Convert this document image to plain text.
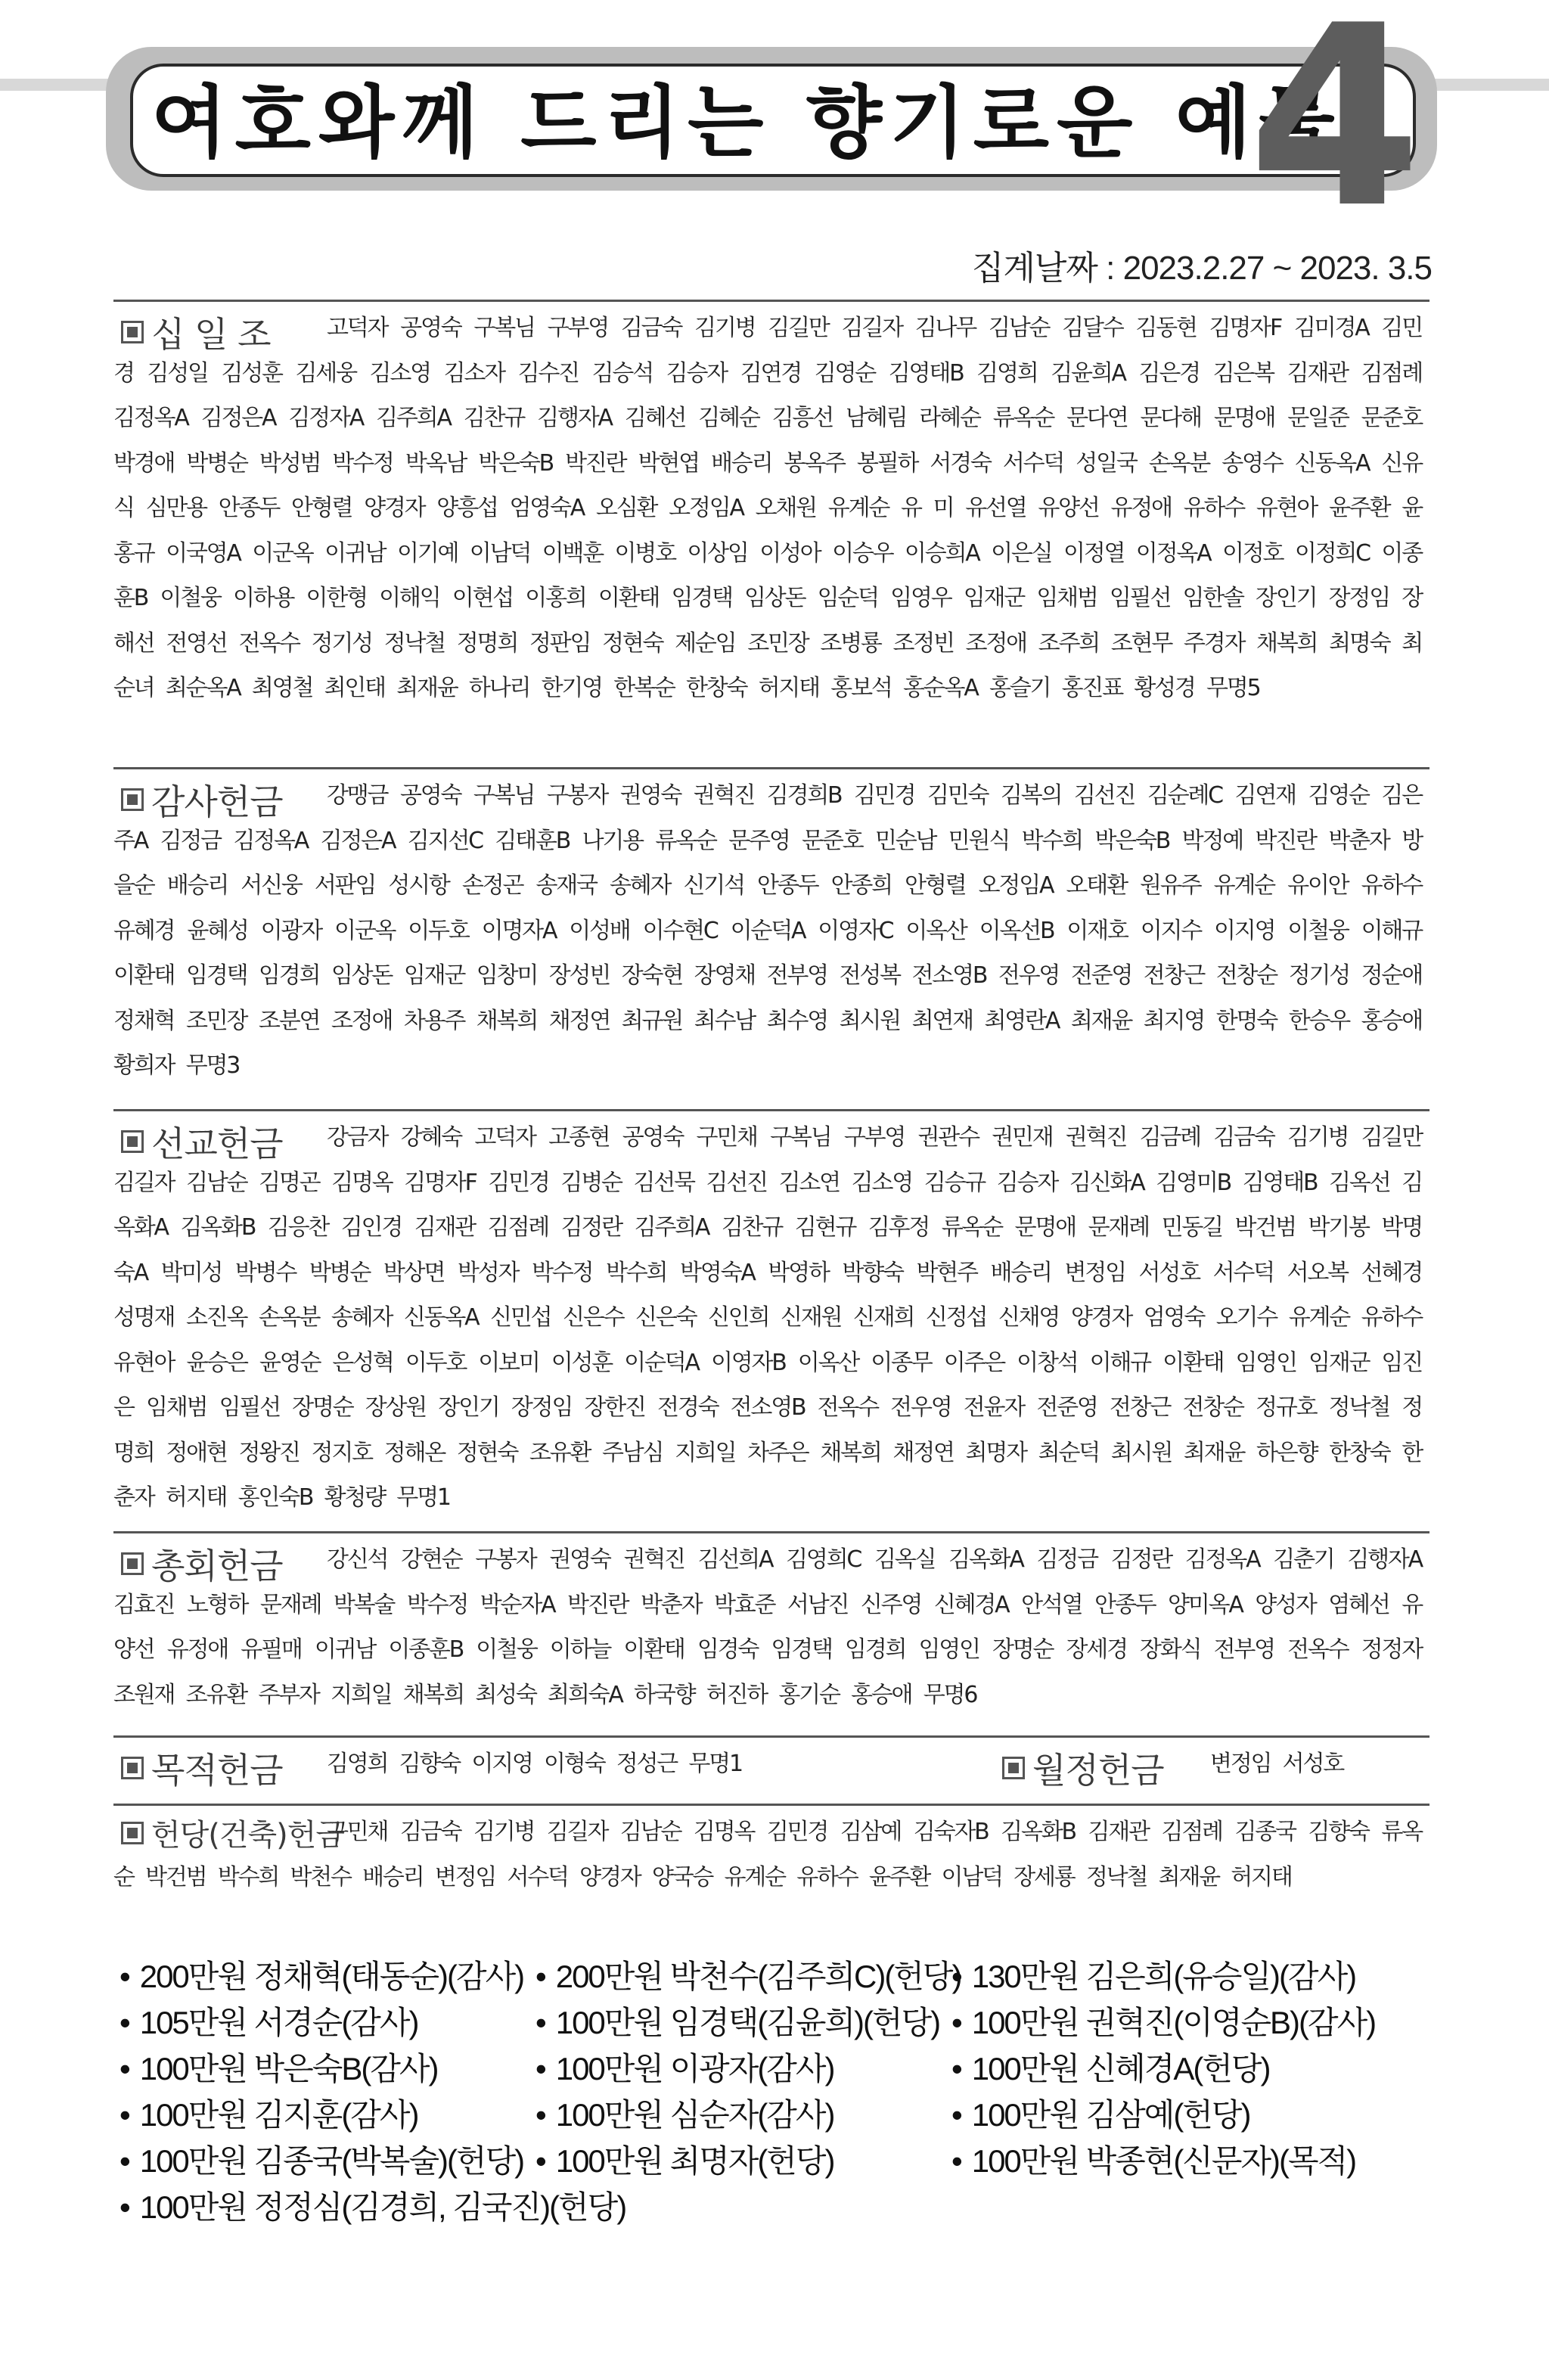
여호와께 드리는 향기로운 예물
4
집계날짜 : 2023.2.27 ~ 2023. 3.5
십 일 조	고덕자 공영숙 구복님 구부영 김금숙 김기병 김길만 김길자 김나무 김남순 김달수 김동현 김명자F 김미경A 김민경 김성일 김성훈 김세웅 김소영 김소자 김수진 김승석 김승자 김연경 김영순 김영태B 김영희 김윤희A 김은경 김은복 김재관 김점례 김정옥A 김정은A 김정자A 김주희A 김찬규 김행자A 김혜선 김혜순 김흥선 남혜림 라혜순 류옥순 문다연 문다해 문명애 문일준 문준호 박경애 박병순 박성범 박수정 박옥남 박은숙B 박진란 박현엽 배승리 봉옥주 봉필하 서경숙 서수덕 성일국 손옥분 송영수 신동옥A 신유식 심만용 안종두 안형렬 양경자 양흥섭 엄영숙A 오심환 오정임A 오채원 유계순 유 미 유선열 유양선 유정애 유하수 유현아 윤주환 윤홍규 이국영A 이군옥 이귀남 이기예 이남덕 이백훈 이병호 이상임 이성아 이승우 이승희A 이은실 이정열 이정옥A 이정호 이정희C 이종훈B 이철웅 이하용 이한형 이해익 이현섭 이홍희 이환태 임경택 임상돈 임순덕 임영우 임재군 임채범 임필선 임한솔 장인기 장정임 장해선 전영선 전옥수 정기성 정낙철 정명희 정판임 정현숙 제순임 조민장 조병룡 조정빈 조정애 조주희 조현무 주경자 채복희 최명숙 최순녀 최순옥A 최영철 최인태 최재윤 하나리 한기영 한복순 한창숙 허지태 홍보석 홍순옥A 홍슬기 홍진표 황성경 무명5

감사헌금	강맹금 공영숙 구복님 구봉자 권영숙 권혁진 김경희B 김민경 김민숙 김복의 김선진 김순례C 김연재 김영순 김은주A 김정금 김정옥A 김정은A 김지선C 김태훈B 나기용 류옥순 문주영 문준호 민순남 민원식 박수희 박은숙B 박정예 박진란 박춘자 방을순 배승리 서신웅 서판임 성시항 손정곤 송재국 송혜자 신기석 안종두 안종희 안형렬 오정임A 오태환 원유주 유계순 유이안 유하수 유혜경 윤혜성 이광자 이군옥 이두호 이명자A 이성배 이수현C 이순덕A 이영자C 이옥산 이옥선B 이재호 이지수 이지영 이철웅 이해규 이환태 임경택 임경희 임상돈 임재군 임창미 장성빈 장숙현 장영채 전부영 전성복 전소영B 전우영 전준영 전창근 전창순 정기성 정순애 정채혁 조민장 조분연 조정애 차용주 채복희 채정연 최규원 최수남 최수영 최시원 최연재 최영란A 최재윤 최지영 한명숙 한승우 홍승애 황희자 무명3

선교헌금	강금자 강혜숙 고덕자 고종현 공영숙 구민채 구복님 구부영 권관수 권민재 권혁진 김금례 김금숙 김기병 김길만 김길자 김남순 김명곤 김명옥 김명자F 김민경 김병순 김선묵 김선진 김소연 김소영 김승규 김승자 김신화A 김영미B 김영태B 김옥선 김옥화A 김옥화B 김응찬 김인경 김재관 김점례 김정란 김주희A 김찬규 김현규 김후정 류옥순 문명애 문재례 민동길 박건범 박기봉 박명숙A 박미성 박병수 박병순 박상면 박성자 박수정 박수희 박영숙A 박영하 박향숙 박현주 배승리 변정임 서성호 서수덕 서오복 선혜경 성명재 소진옥 손옥분 송혜자 신동옥A 신민섭 신은수 신은숙 신인희 신재원 신재희 신정섭 신채영 양경자 엄영숙 오기수 유계순 유하수 유현아 윤승은 윤영순 은성혁 이두호 이보미 이성훈 이순덕A 이영자B 이옥산 이종무 이주은 이창석 이해규 이환태 임영인 임재군 임진은 임채범 임필선 장명순 장상원 장인기 장정임 장한진 전경숙 전소영B 전옥수 전우영 전윤자 전준영 전창근 전창순 정규호 정낙철 정명희 정애현 정왕진 정지호 정해온 정현숙 조유환 주남심 지희일 차주은 채복희 채정연 최명자 최순덕 최시원 최재윤 하은향 한창숙 한춘자 허지태 홍인숙B 황청량 무명1

총회헌금	강신석 강현순 구봉자 권영숙 권혁진 김선희A 김영희C 김옥실 김옥화A 김정금 김정란 김정옥A 김춘기 김행자A 김효진 노형하 문재례 박복술 박수정 박순자A 박진란 박춘자 박효준 서남진 신주영 신혜경A 안석열 안종두 양미옥A 양성자 염혜선 유양선 유정애 유필매 이귀남 이종훈B 이철웅 이하늘 이환태 임경숙 임경택 임경희 임영인 장명순 장세경 장화식 전부영 전옥수 정정자 조원재 조유환 주부자 지희일 채복희 최성숙 최희숙A 하국향 허진하 홍기순 홍승애 무명6

목적헌금 김영희 김향숙 이지영 이형숙 정성근 무명1	월정헌금 변정임 서성호

헌당(건축)헌금

구민채 김금숙 김기병 김길자 김남순 김명옥 김민경 김삼예 김숙자B 김옥화B 김재관 김점례 김종국 김향숙 류옥순 박건범 박수희 박천수 배승리 변정임 서수덕 양경자 양국승 유계순 유하수 윤주환 이남덕 장세룡 정낙철 최재윤 허지태

• 200만원 정채혁(태동순)(감사)	• 200만원 박천수(김주희C)(헌당) • 130만원 김은희(유승일)(감사)
• 105만원 서경순(감사)	• 100만원 임경택(김윤희)(헌당)	• 100만원 권혁진(이영순B)(감사)
• 100만원 박은숙B(감사)	• 100만원 이광자(감사)	• 100만원 신혜경A(헌당)
• 100만원 김지훈(감사)	• 100만원 심순자(감사)	• 100만원 김삼예(헌당)
• 100만원 김종국(박복술)(헌당)	• 100만원 최명자(헌당)	• 100만원 박종현(신문자)(목적)
• 100만원 정정심(김경희, 김국진)(헌당)
